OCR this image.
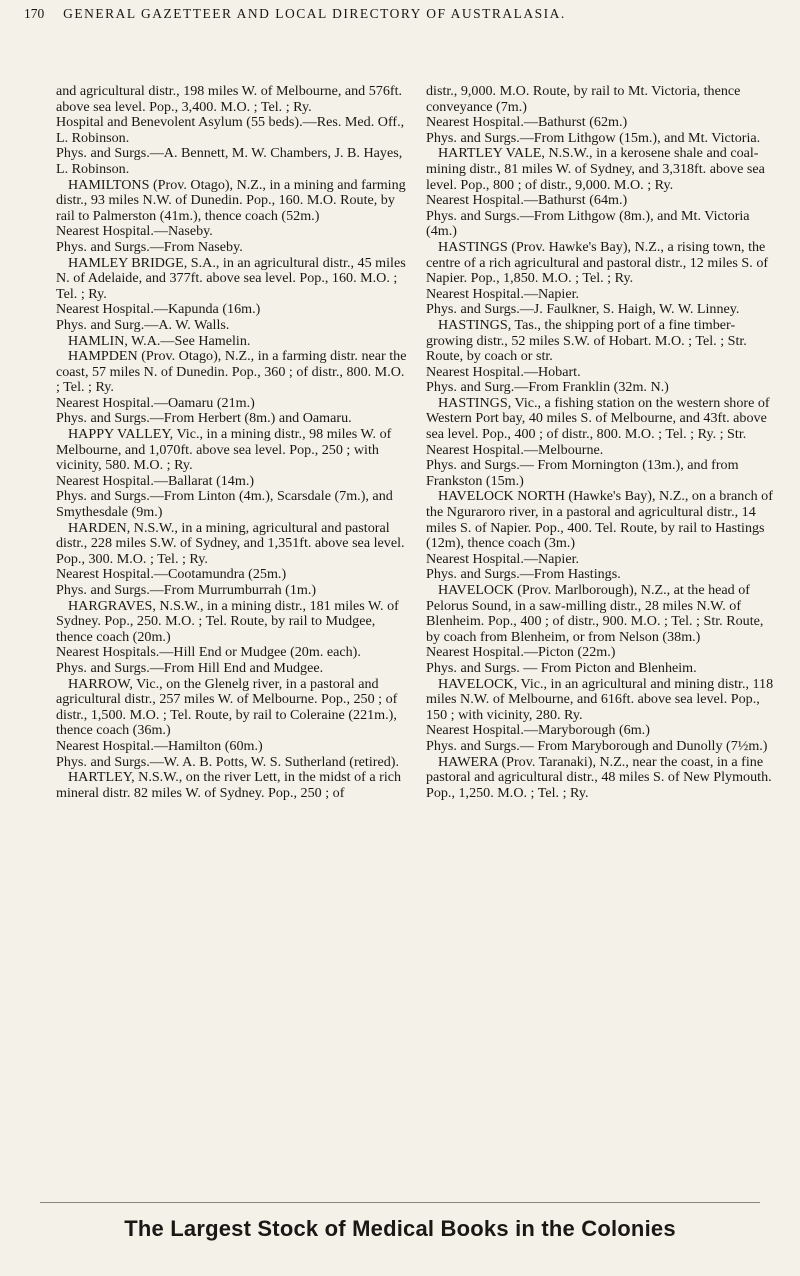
170 GENERAL GAZETTEER AND LOCAL DIRECTORY OF AUSTRALASIA.

and agricultural distr., 198 miles W. of Melbourne, and 576ft. above sea level. Pop., 3,400. M.O. ; Tel. ; Ry.

Hospital and Benevolent Asylum (55 beds).—Res. Med. Off., L. Robinson.

Phys. and Surgs.—A. Bennett, M. W. Chambers, J. B. Hayes, L. Robinson.

HAMILTONS (Prov. Otago), N.Z., in a mining and farming distr., 93 miles N.W. of Dunedin. Pop., 160. M.O. Route, by rail to Palmerston (41m.), thence coach (52m.)

Nearest Hospital.—Naseby.

Phys. and Surgs.—From Naseby.

HAMLEY BRIDGE, S.A., in an agricultural distr., 45 miles N. of Adelaide, and 377ft. above sea level. Pop., 160. M.O. ; Tel. ; Ry.

Nearest Hospital.—Kapunda (16m.)

Phys. and Surg.—A. W. Walls.

HAMLIN, W.A.—See Hamelin.

HAMPDEN (Prov. Otago), N.Z., in a farming distr. near the coast, 57 miles N. of Dunedin. Pop., 360 ; of distr., 800. M.O. ; Tel. ; Ry.

Nearest Hospital.—Oamaru (21m.)

Phys. and Surgs.—From Herbert (8m.) and Oamaru.

HAPPY VALLEY, Vic., in a mining distr., 98 miles W. of Melbourne, and 1,070ft. above sea level. Pop., 250 ; with vicinity, 580. M.O. ; Ry.

Nearest Hospital.—Ballarat (14m.)

Phys. and Surgs.—From Linton (4m.), Scarsdale (7m.), and Smythesdale (9m.)

HARDEN, N.S.W., in a mining, agricultural and pastoral distr., 228 miles S.W. of Sydney, and 1,351ft. above sea level. Pop., 300. M.O. ; Tel. ; Ry.

Nearest Hospital.—Cootamundra (25m.)

Phys. and Surgs.—From Murrumburrah (1m.)

HARGRAVES, N.S.W., in a mining distr., 181 miles W. of Sydney. Pop., 250. M.O. ; Tel. Route, by rail to Mudgee, thence coach (20m.)

Nearest Hospitals.—Hill End or Mudgee (20m. each).

Phys. and Surgs.—From Hill End and Mudgee.

HARROW, Vic., on the Glenelg river, in a pastoral and agricultural distr., 257 miles W. of Melbourne. Pop., 250 ; of distr., 1,500. M.O. ; Tel. Route, by rail to Coleraine (221m.), thence coach (36m.)

Nearest Hospital.—Hamilton (60m.)

Phys. and Surgs.—W. A. B. Potts, W. S. Sutherland (retired).

HARTLEY, N.S.W., on the river Lett, in the midst of a rich mineral distr. 82 miles W. of Sydney. Pop., 250 ; of

distr., 9,000. M.O. Route, by rail to Mt. Victoria, thence conveyance (7m.)

Nearest Hospital.—Bathurst (62m.)

Phys. and Surgs.—From Lithgow (15m.), and Mt. Victoria.

HARTLEY VALE, N.S.W., in a kerosene shale and coal-mining distr., 81 miles W. of Sydney, and 3,318ft. above sea level. Pop., 800 ; of distr., 9,000. M.O. ; Ry.

Nearest Hospital.—Bathurst (64m.)

Phys. and Surgs.—From Lithgow (8m.), and Mt. Victoria (4m.)

HASTINGS (Prov. Hawke's Bay), N.Z., a rising town, the centre of a rich agricultural and pastoral distr., 12 miles S. of Napier. Pop., 1,850. M.O. ; Tel. ; Ry.

Nearest Hospital.—Napier.

Phys. and Surgs.—J. Faulkner, S. Haigh, W. W. Linney.

HASTINGS, Tas., the shipping port of a fine timber-growing distr., 52 miles S.W. of Hobart. M.O. ; Tel. ; Str. Route, by coach or str.

Nearest Hospital.—Hobart.

Phys. and Surg.—From Franklin (32m. N.)

HASTINGS, Vic., a fishing station on the western shore of Western Port bay, 40 miles S. of Melbourne, and 43ft. above sea level. Pop., 400 ; of distr., 800. M.O. ; Tel. ; Ry. ; Str.

Nearest Hospital.—Melbourne.

Phys. and Surgs.— From Mornington (13m.), and from Frankston (15m.)

HAVELOCK NORTH (Hawke's Bay), N.Z., on a branch of the Nguraroro river, in a pastoral and agricultural distr., 14 miles S. of Napier. Pop., 400. Tel. Route, by rail to Hastings (12m), thence coach (3m.)

Nearest Hospital.—Napier.

Phys. and Surgs.—From Hastings.

HAVELOCK (Prov. Marlborough), N.Z., at the head of Pelorus Sound, in a saw-milling distr., 28 miles N.W. of Blenheim. Pop., 400 ; of distr., 900. M.O. ; Tel. ; Str. Route, by coach from Blenheim, or from Nelson (38m.)

Nearest Hospital.—Picton (22m.)

Phys. and Surgs. — From Picton and Blenheim.

HAVELOCK, Vic., in an agricultural and mining distr., 118 miles N.W. of Melbourne, and 616ft. above sea level. Pop., 150 ; with vicinity, 280. Ry.

Nearest Hospital.—Maryborough (6m.)

Phys. and Surgs.— From Maryborough and Dunolly (7½m.)

HAWERA (Prov. Taranaki), N.Z., near the coast, in a fine pastoral and agricultural distr., 48 miles S. of New Plymouth. Pop., 1,250. M.O. ; Tel. ; Ry.

The Largest Stock of Medical Books in the Colonies
